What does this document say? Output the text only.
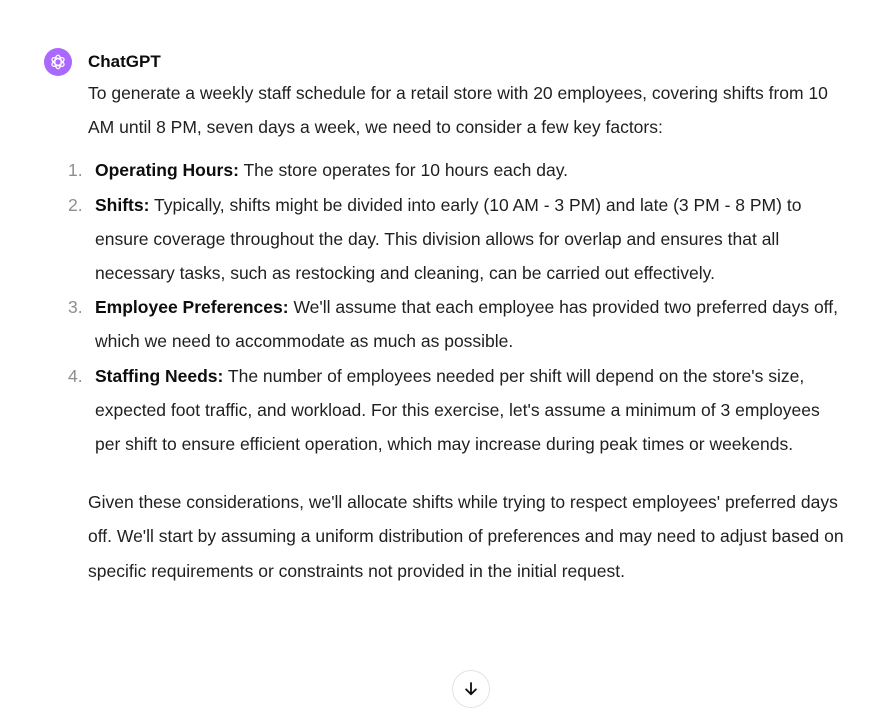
ChatGPT

To generate a weekly staff schedule for a retail store with 20 employees, covering shifts from 10 AM until 8 PM, seven days a week, we need to consider a few key factors:

1. Operating Hours: The store operates for 10 hours each day.
2. Shifts: Typically, shifts might be divided into early (10 AM - 3 PM) and late (3 PM - 8 PM) to ensure coverage throughout the day. This division allows for overlap and ensures that all necessary tasks, such as restocking and cleaning, can be carried out effectively.
3. Employee Preferences: We'll assume that each employee has provided two preferred days off, which we need to accommodate as much as possible.
4. Staffing Needs: The number of employees needed per shift will depend on the store's size, expected foot traffic, and workload. For this exercise, let's assume a minimum of 3 employees per shift to ensure efficient operation, which may increase during peak times or weekends.

Given these considerations, we'll allocate shifts while trying to respect employees' preferred days off. We'll start by assuming a uniform distribution of preferences and may need to adjust based on specific requirements or constraints not provided in the initial request.
